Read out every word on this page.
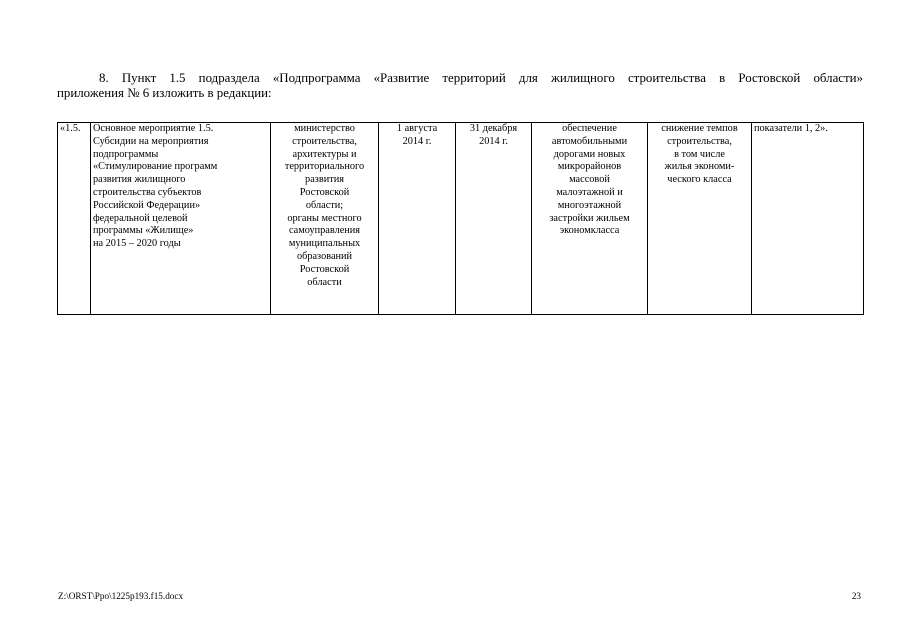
8. Пункт 1.5 подраздела «Подпрограмма «Развитие территорий для жилищного строительства в Ростовской области»
приложения № 6 изложить в редакции:

«1.5.	Основное мероприятие 1.5.
Субсидии на мероприятия
подпрограммы
«Стимулирование программ
развития жилищного
строительства субъектов
Российской Федерации»
федеральной целевой
программы «Жилище»
на 2015 – 2020 годы	министерство
строительства,
архитектуры и
территориального
развития
Ростовской
области;
органы местного
самоуправления
муниципальных
образований
Ростовской
области	1 августа
2014 г.	31 декабря
2014 г.	обеспечение
автомобильными
дорогами новых
микрорайонов
массовой
малоэтажной и
многоэтажной
застройки жильем
экономкласса	снижение темпов
строительства,
в том числе
жилья экономи-
ческого класса	показатели 1, 2».

Z:\ORST\Ppo\1225p193.f15.docx	23
